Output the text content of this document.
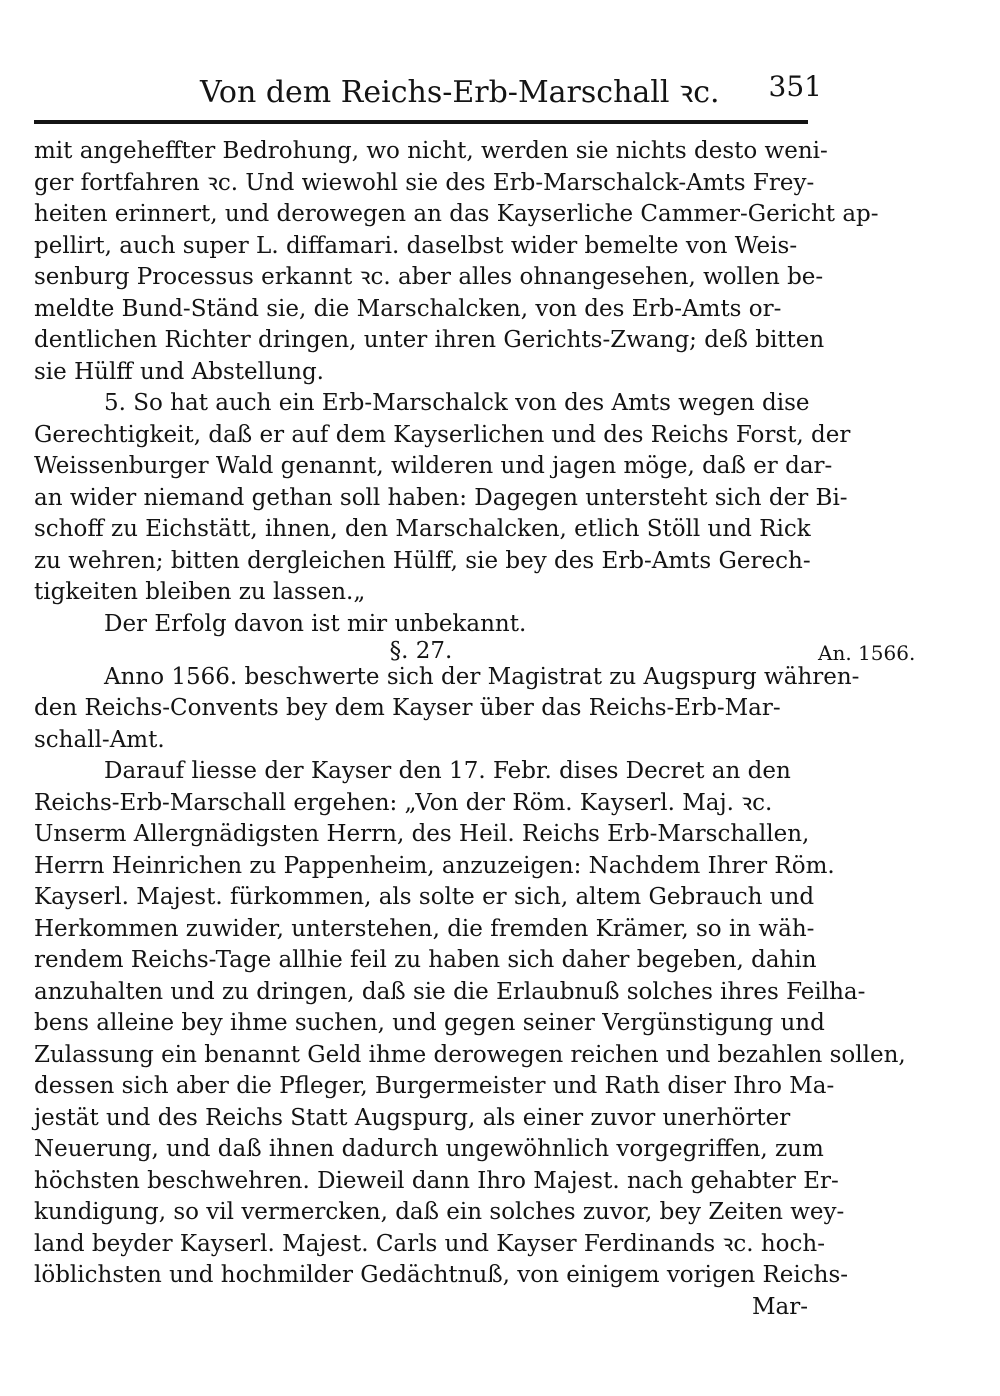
Von dem Reichs-Erb-Marschall ꝛc. 351
mit angeheffter Bedrohung, wo nicht, werden sie nichts desto weni-
ger fortfahren ꝛc. Und wiewohl sie des Erb-Marschalck-Amts Frey-
heiten erinnert, und derowegen an das Kayserliche Cammer-Gericht ap-
pellirt, auch super L. diffamari. daselbst wider bemelte von Weis-
senburg Processus erkannt ꝛc. aber alles ohnangesehen, wollen be-
meldte Bund-Ständ sie, die Marschalcken, von des Erb-Amts or-
dentlichen Richter dringen, unter ihren Gerichts-Zwang; deß bitten
sie Hülff und Abstellung.
5. So hat auch ein Erb-Marschalck von des Amts wegen dise
Gerechtigkeit, daß er auf dem Kayserlichen und des Reichs Forst, der
Weissenburger Wald genannt, wilderen und jagen möge, daß er dar-
an wider niemand gethan soll haben: Dagegen untersteht sich der Bi-
schoff zu Eichstätt, ihnen, den Marschalcken, etlich Stöll und Rick
zu wehren; bitten dergleichen Hülff, sie bey des Erb-Amts Gerech-
tigkeiten bleiben zu lassen.„
Der Erfolg davon ist mir unbekannt.
§. 27.
Anno 1566. beschwerte sich der Magistrat zu Augspurg währen-
den Reichs-Convents bey dem Kayser über das Reichs-Erb-Mar-
schall-Amt.
Darauf liesse der Kayser den 17. Febr. dises Decret an den
Reichs-Erb-Marschall ergehen: „Von der Röm. Kayserl. Maj. ꝛc.
Unserm Allergnädigsten Herrn, des Heil. Reichs Erb-Marschallen,
Herrn Heinrichen zu Pappenheim, anzuzeigen: Nachdem Ihrer Röm.
Kayserl. Majest. fürkommen, als solte er sich, altem Gebrauch und
Herkommen zuwider, unterstehen, die fremden Krämer, so in wäh-
rendem Reichs-Tage allhie feil zu haben sich daher begeben, dahin
anzuhalten und zu dringen, daß sie die Erlaubnuß solches ihres Feilha-
bens alleine bey ihme suchen, und gegen seiner Vergünstigung und
Zulassung ein benannt Geld ihme derowegen reichen und bezahlen sollen,
dessen sich aber die Pfleger, Burgermeister und Rath diser Ihro Ma-
jestät und des Reichs Statt Augspurg, als einer zuvor unerhörter
Neuerung, und daß ihnen dadurch ungewöhnlich vorgegriffen, zum
höchsten beschwehren. Dieweil dann Ihro Majest. nach gehabter Er-
kundigung, so vil vermercken, daß ein solches zuvor, bey Zeiten wey-
land beyder Kayserl. Majest. Carls und Kayser Ferdinands ꝛc. hoch-
löblichsten und hochmilder Gedächtnuß, von einigem vorigen Reichs-
Mar-
An. 1566.
